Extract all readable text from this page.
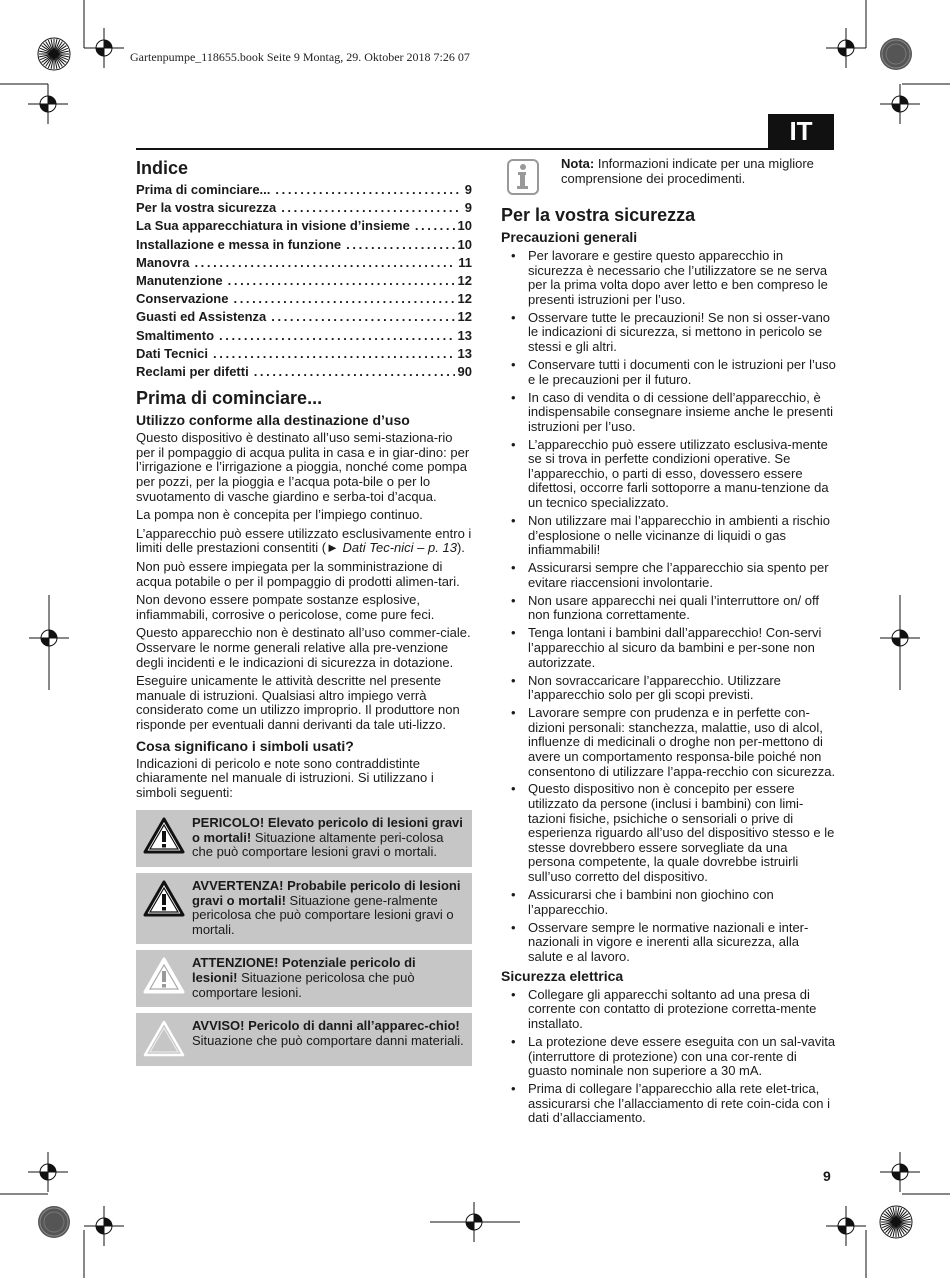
Gartenpumpe_118655.book Seite 9 Montag, 29. Oktober 2018 7:26 07
IT
Indice
Prima di cominciare... .....	9
Per la vostra sicurezza .....	9
La Sua apparecchiatura in visione d’insieme .....	10
Installazione e messa in funzione .....	10
Manovra .....	11
Manutenzione .....	12
Conservazione .....	12
Guasti ed Assistenza .....	12
Smaltimento .....	13
Dati Tecnici .....	13
Reclami per difetti .....	90
Prima di cominciare...
Utilizzo conforme alla destinazione d’uso

Questo dispositivo è destinato all’uso semi-staziona-rio per il pompaggio di acqua pulita in casa e in giar-dino: per l’irrigazione e l’irrigazione a pioggia, nonché come pompa per pozzi, per la pioggia e l’acqua pota-bile o per lo svuotamento di vasche giardino e serba-toi d’acqua.

La pompa non è concepita per l’impiego continuo.

L’apparecchio può essere utilizzato esclusivamente entro i limiti delle prestazioni consentiti (► Dati Tec-nici – p. 13).

Non può essere impiegata per la somministrazione di acqua potabile o per il pompaggio di prodotti alimen-tari.

Non devono essere pompate sostanze esplosive, infiammabili, corrosive o pericolose, come pure feci.

Questo apparecchio non è destinato all’uso commer-ciale. Osservare le norme generali relative alla pre-venzione degli incidenti e le indicazioni di sicurezza in dotazione.

Eseguire unicamente le attività descritte nel presente manuale di istruzioni. Qualsiasi altro impiego verrà considerato come un utilizzo improprio. Il produttore non risponde per eventuali danni derivanti da tale uti-lizzo.

Cosa significano i simboli usati?

Indicazioni di pericolo e note sono contraddistinte chiaramente nel manuale di istruzioni. Si utilizzano i simboli seguenti:

PERICOLO! Elevato pericolo di lesioni gravi o mortali! Situazione altamente peri-colosa che può comportare lesioni gravi o mortali.
AVVERTENZA! Probabile pericolo di lesioni gravi o mortali! Situazione gene-ralmente pericolosa che può comportare lesioni gravi o mortali.
ATTENZIONE! Potenziale pericolo di lesioni! Situazione pericolosa che può comportare lesioni.
AVVISO! Pericolo di danni all’apparec-chio! Situazione che può comportare danni materiali.

Nota: Informazioni indicate per una migliore comprensione dei procedimenti.

Per la vostra sicurezza
Precauzioni generali
• Per lavorare e gestire questo apparecchio in sicurezza è necessario che l’utilizzatore se ne serva per la prima volta dopo aver letto e ben compreso le presenti istruzioni per l’uso.
• Osservare tutte le precauzioni! Se non si osser-vano le indicazioni di sicurezza, si mettono in pericolo se stessi e gli altri.
• Conservare tutti i documenti con le istruzioni per l’uso e le precauzioni per il futuro.
• In caso di vendita o di cessione dell’apparecchio, è indispensabile consegnare insieme anche le presenti istruzioni per l’uso.
• L’apparecchio può essere utilizzato esclusiva-mente se si trova in perfette condizioni operative. Se l’apparecchio, o parti di esso, dovessero essere difettosi, occorre farli sottoporre a manu-tenzione da un tecnico specializzato.
• Non utilizzare mai l’apparecchio in ambienti a rischio d’esplosione o nelle vicinanze di liquidi o gas infiammabili!
• Assicurarsi sempre che l’apparecchio sia spento per evitare riaccensioni involontarie.
• Non usare apparecchi nei quali l’interruttore on/ off non funziona correttamente.
• Tenga lontani i bambini dall’apparecchio! Con-servi l’apparecchio al sicuro da bambini e per-sone non autorizzate.
• Non sovraccaricare l’apparecchio. Utilizzare l’apparecchio solo per gli scopi previsti.
• Lavorare sempre con prudenza e in perfette con-dizioni personali: stanchezza, malattie, uso di alcol, influenze di medicinali o droghe non per-mettono di avere un comportamento responsa-bile poiché non consentono di utilizzare l’appa-recchio con sicurezza.
• Questo dispositivo non è concepito per essere utilizzato da persone (inclusi i bambini) con limi-tazioni fisiche, psichiche o sensoriali o prive di esperienza riguardo all’uso del dispositivo stesso e le stesse dovrebbero essere sorvegliate da una persona competente, la quale dovrebbe istruirli sull’uso corretto del dispositivo.
• Assicurarsi che i bambini non giochino con l’apparecchio.
• Osservare sempre le normative nazionali e inter-nazionali in vigore e inerenti alla sicurezza, alla salute e al lavoro.
Sicurezza elettrica
• Collegare gli apparecchi soltanto ad una presa di corrente con contatto di protezione corretta-mente installato.
• La protezione deve essere eseguita con un sal-vavita (interruttore di protezione) con una cor-rente di guasto nominale non superiore a 30 mA.
• Prima di collegare l’apparecchio alla rete elet-trica, assicurarsi che l’allacciamento di rete coin-cida con i dati d’allacciamento.
9
